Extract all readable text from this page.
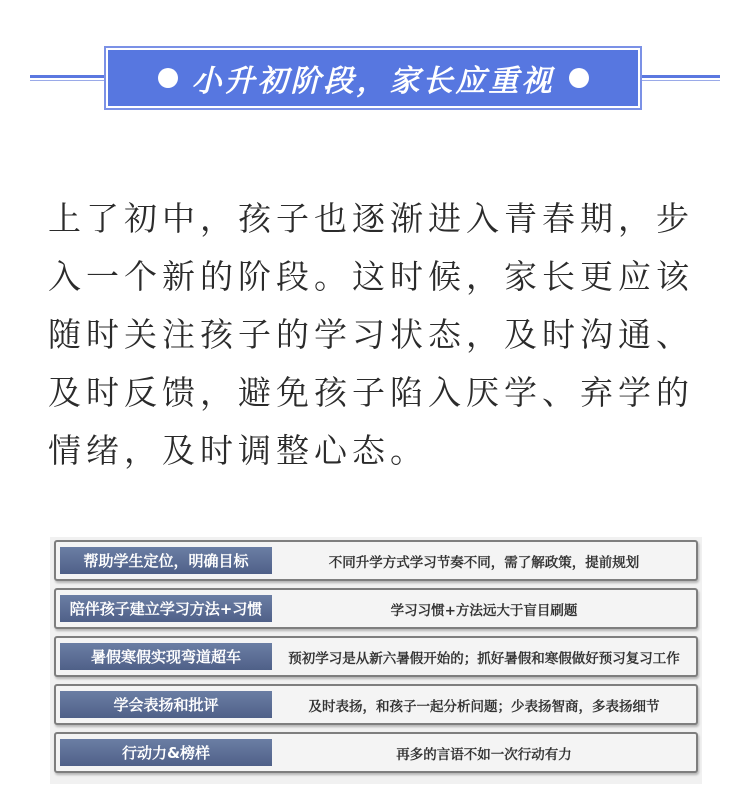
小升初阶段，家长应重视

上了初中，孩子也逐渐进入青春期，步入一个新的阶段。这时候，家长更应该随时关注孩子的学习状态，及时沟通、及时反馈，避免孩子陷入厌学、弃学的情绪，及时调整心态。

帮助学生定位，明确目标	不同升学方式学习节奏不同，需了解政策，提前规划
陪伴孩子建立学习方法+习惯	学习习惯+方法远大于盲目刷题
暑假寒假实现弯道超车	预初学习是从新六暑假开始的；抓好暑假和寒假做好预习复习工作
学会表扬和批评	及时表扬，和孩子一起分析问题；少表扬智商，多表扬细节
行动力&榜样	再多的言语不如一次行动有力
